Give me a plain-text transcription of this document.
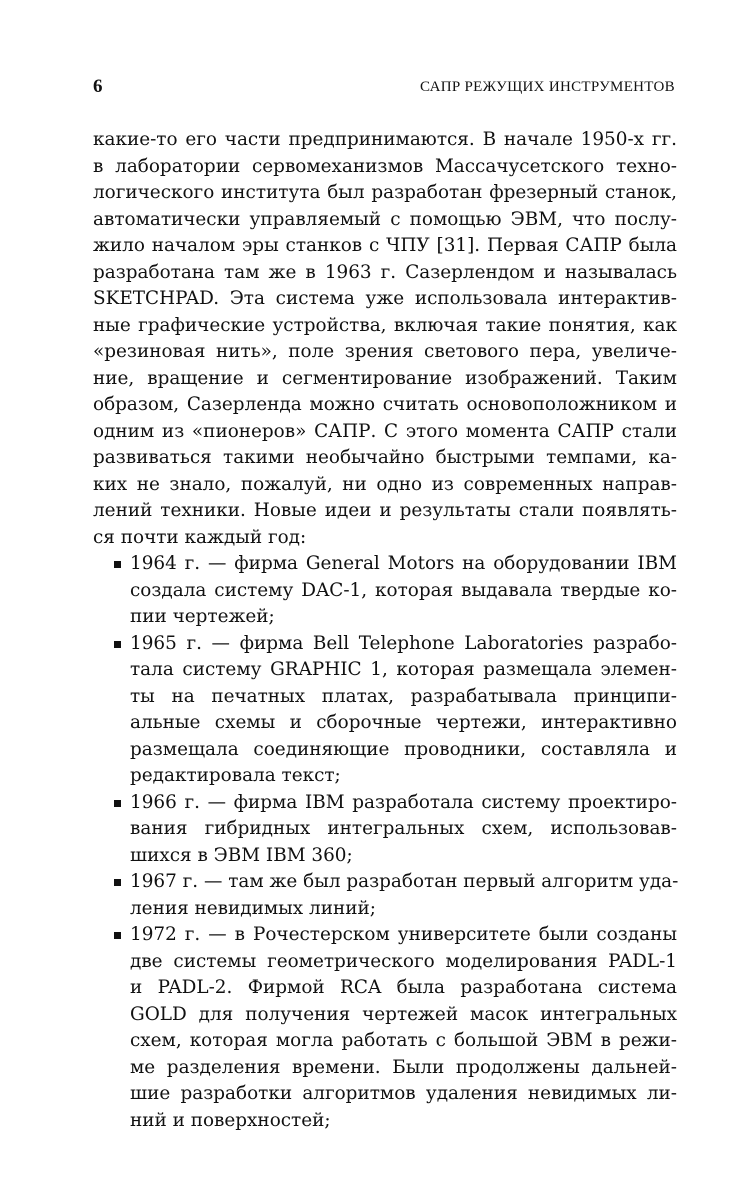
6	САПР РЕЖУЩИХ ИНСТРУМЕНТОВ
какие-то его части предпринимаются. В начале 1950-х гг.
в лаборатории сервомеханизмов Массачусетского техно-
логического института был разработан фрезерный станок,
автоматически управляемый с помощью ЭВМ, что послу-
жило началом эры станков с ЧПУ [31]. Первая САПР была
разработана там же в 1963 г. Сазерлендом и называлась
SKETCHPAD. Эта система уже использовала интерактив-
ные графические устройства, включая такие понятия, как
«резиновая нить», поле зрения светового пера, увеличе-
ние, вращение и сегментирование изображений. Таким
образом, Сазерленда можно считать основоположником и
одним из «пионеров» САПР. С этого момента САПР стали
развиваться такими необычайно быстрыми темпами, ка-
ких не знало, пожалуй, ни одно из современных направ-
лений техники. Новые идеи и результаты стали появлять-
ся почти каждый год:
1964 г. — фирма General Motors на оборудовании IBM
создала систему DAC-1, которая выдавала твердые ко-
пии чертежей;
1965 г. — фирма Bell Telephone Laboratories разрабо-
тала систему GRAPHIC 1, которая размещала элемен-
ты на печатных платах, разрабатывала принципи-
альные схемы и сборочные чертежи, интерактивно
размещала соединяющие проводники, составляла и
редактировала текст;
1966 г. — фирма IBM разработала систему проектиро-
вания гибридных интегральных схем, использовав-
шихся в ЭВМ IBM 360;
1967 г. — там же был разработан первый алгоритм уда-
ления невидимых линий;
1972 г. — в Рочестерском университете были созданы
две системы геометрического моделирования PADL-1
и PADL-2. Фирмой RCA была разработана система
GOLD для получения чертежей масок интегральных
схем, которая могла работать с большой ЭВМ в режи-
ме разделения времени. Были продолжены дальней-
шие разработки алгоритмов удаления невидимых ли-
ний и поверхностей;
